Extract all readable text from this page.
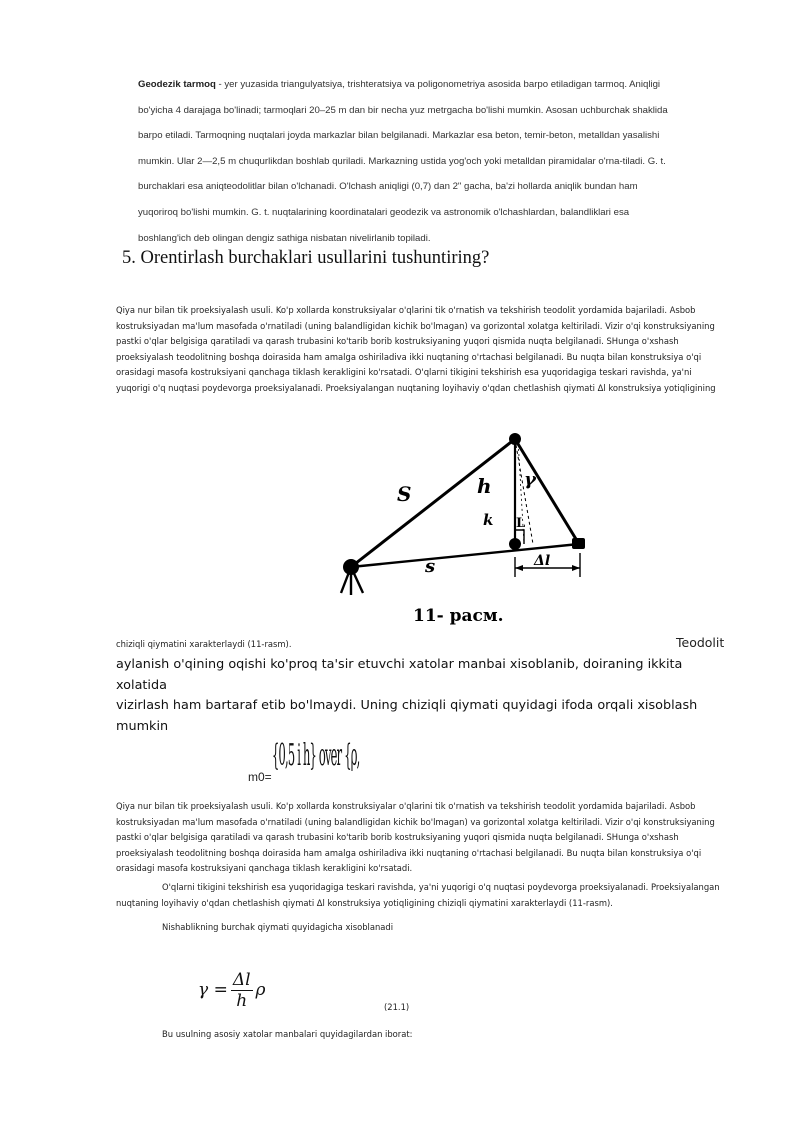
Geodezik tarmoq - yer yuzasida triangulyatsiya, trishteratsiya va poligonometriya asosida barpo etiladigan tarmoq. Aniqligi
bo'yicha 4 darajaga bo'linadi; tarmoqlari 20–25 m dan bir necha yuz metrgacha bo'lishi mumkin. Asosan uchburchak shaklida
barpo etiladi. Tarmoqning nuqtalari joyda markazlar bilan belgilanadi. Markazlar esa beton, temir-beton, metalldan yasalishi
mumkin. Ular 2—2,5 m chuqurlikdan boshlab quriladi. Markazning ustida yog'och yoki metalldan piramidalar o'rna-tiladi. G. t.
burchaklari esa aniqteodolitlar bilan o'lchanadi. O'lchash aniqligi (0,7) dan 2" gacha, ba'zi hollarda aniqlik bundan ham
yuqoriroq bo'lishi mumkin. G. t. nuqtalarining koordinatalari geodezik va astronomik o'lchashlardan, balandliklari esa
boshlang'ich deb olingan dengiz sathiga nisbatan nivelirlanib topiladi.
5. Orentirlash burchaklari usullarini tushuntiring?

Qiya nur bilan tik proeksiyalash usuli. Ko'p xollarda konstruksiyalar o'qlarini tik o'rnatish va tekshirish teodolit yordamida bajariladi. Asbob

kostruksiyadan ma'lum masofada o'rnatiladi (uning balandligidan kichik bo'lmagan) va gorizontal xolatga keltiriladi. Vizir o'qi konstruksiyaning

pastki o'qlar belgisiga qaratiladi va qarash trubasini ko'tarib borib kostruksiyaning yuqori qismida nuqta belgilanadi. SHunga o'xshash

proeksiyalash teodolitning boshqa doirasida ham amalga oshiriladiva ikki nuqtaning o'rtachasi belgilanadi. Bu nuqta bilan konstruksiya o'qi

orasidagi masofa kostruksiyani qanchaga tiklash kerakligini ko'rsatadi. O'qlarni tikigini tekshirish esa yuqoridagiga teskari ravishda, ya'ni

yuqorigi o'q nuqtasi poydevorga proeksiyalanadi. Proeksiyalangan nuqtaning loyihaviy o'qdan chetlashish qiymati Δl konstruksiya yotiqligining

S
s
h
k L
γ
Δl
11- расм.
chiziqli qiymatini xarakterlaydi (11-rasm).	Teodolit
aylanish o'qining oqishi ko'proq ta'sir etuvchi xatolar manbai xisoblanib, doiraning ikkita xolatida
vizirlash ham bartaraf etib bo'lmaydi. Uning chiziqli qiymati quyidagi ifoda orqali xisoblash mumkin
m0=
{0,5 i h} over {ρ,

Qiya nur bilan tik proeksiyalash usuli. Ko'p xollarda konstruksiyalar o'qlarini tik o'rnatish va tekshirish teodolit yordamida bajariladi. Asbob

kostruksiyadan ma'lum masofada o'rnatiladi (uning balandligidan kichik bo'lmagan) va gorizontal xolatga keltiriladi. Vizir o'qi konstruksiyaning

pastki o'qlar belgisiga qaratiladi va qarash trubasini ko'tarib borib kostruksiyaning yuqori qismida nuqta belgilanadi. SHunga o'xshash

proeksiyalash teodolitning boshqa doirasida ham amalga oshiriladiva ikki nuqtaning o'rtachasi belgilanadi. Bu nuqta bilan konstruksiya o'qi

orasidagi masofa kostruksiyani qanchaga tiklash kerakligini ko'rsatadi.

O'qlarni tikigini tekshirish esa yuqoridagiga teskari ravishda, ya'ni yuqorigi o'q nuqtasi poydevorga proeksiyalanadi. Proeksiyalangan

nuqtaning loyihaviy o'qdan chetlashish qiymati Δl konstruksiya yotiqligining chiziqli qiymatini xarakterlaydi (11-rasm).

Nishablikning burchak qiymati quyidagicha xisoblanadi
$\gamma = \frac{\Delta l}{h}$ ρ
(21.1)
Bu usulning asosiy xatolar manbalari quyidagilardan iborat:
